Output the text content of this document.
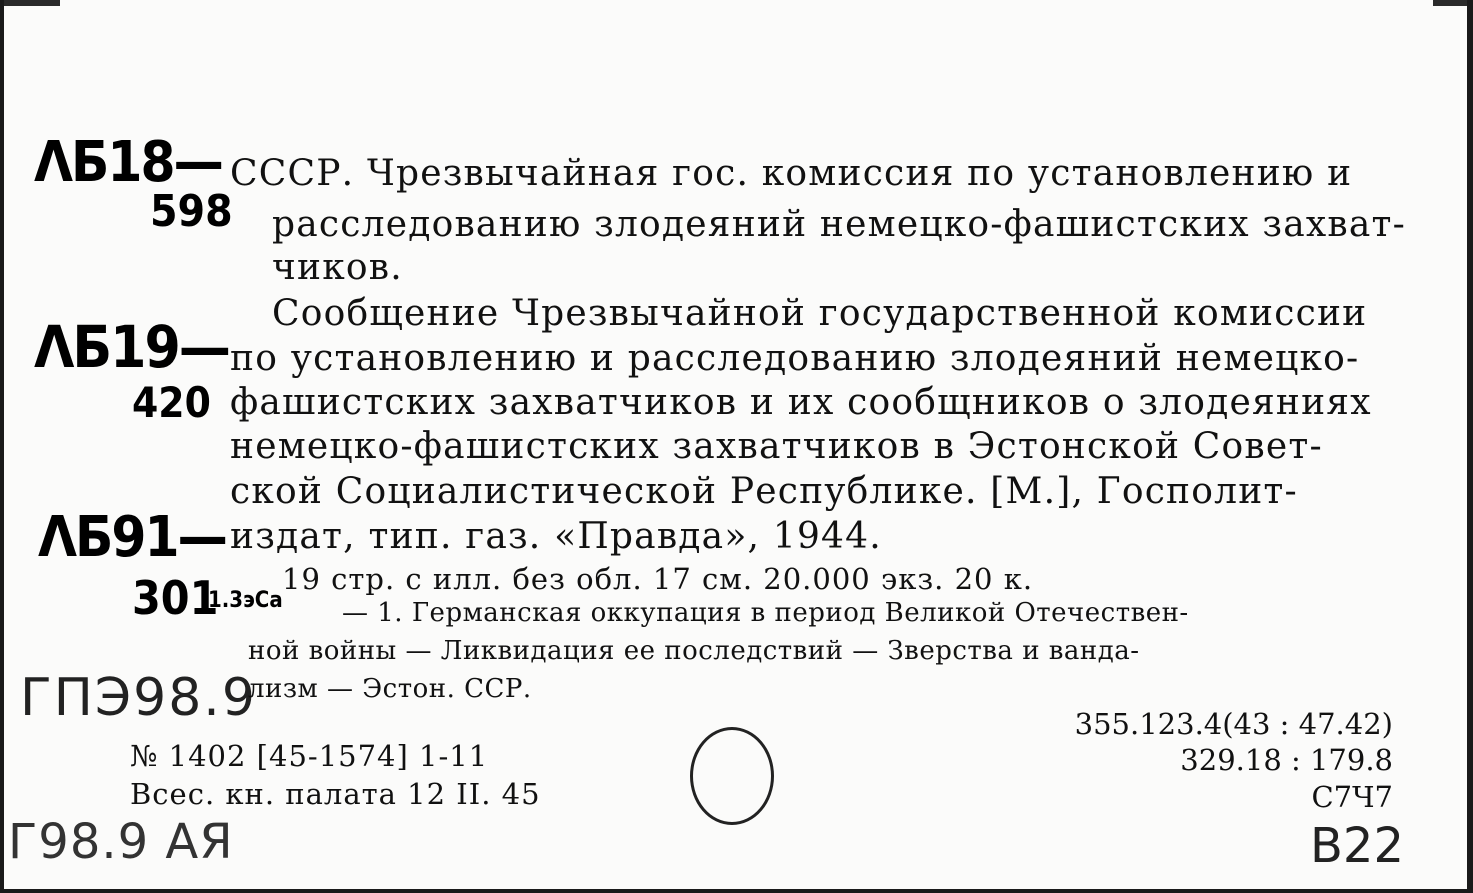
ΛБ18—
598
ΛБ19—
420
ΛБ91—
301
1.3эСа
ГПЭ98.9
Г98.9 АЯ	В22
СССР. Чрезвычайная гос. комиссия по установлению и
расследованию злодеяний немецко-фашистских захват-
чиков.
Сообщение Чрезвычайной государственной комиссии
по установлению и расследованию злодеяний немецко-
фашистских захватчиков и их сообщников о злодеяниях
немецко-фашистских захватчиков в Эстонской Совет-
ской Социалистической Республике. [М.], Госполит-
издат, тип. газ. «Правда», 1944.
19 стр. с илл. без обл. 17 см. 20.000 экз. 20 к.
— 1. Германская оккупация в период Великой Отечествен-
ной войны — Ликвидация ее последствий — Зверства и ванда-
лизм — Эстон. ССР.
№ 1402 [45-1574] 1-11
Всес. кн. палата 12 II. 45
355.123.4(43 : 47.42)
329.18 : 179.8
С7Ч7
